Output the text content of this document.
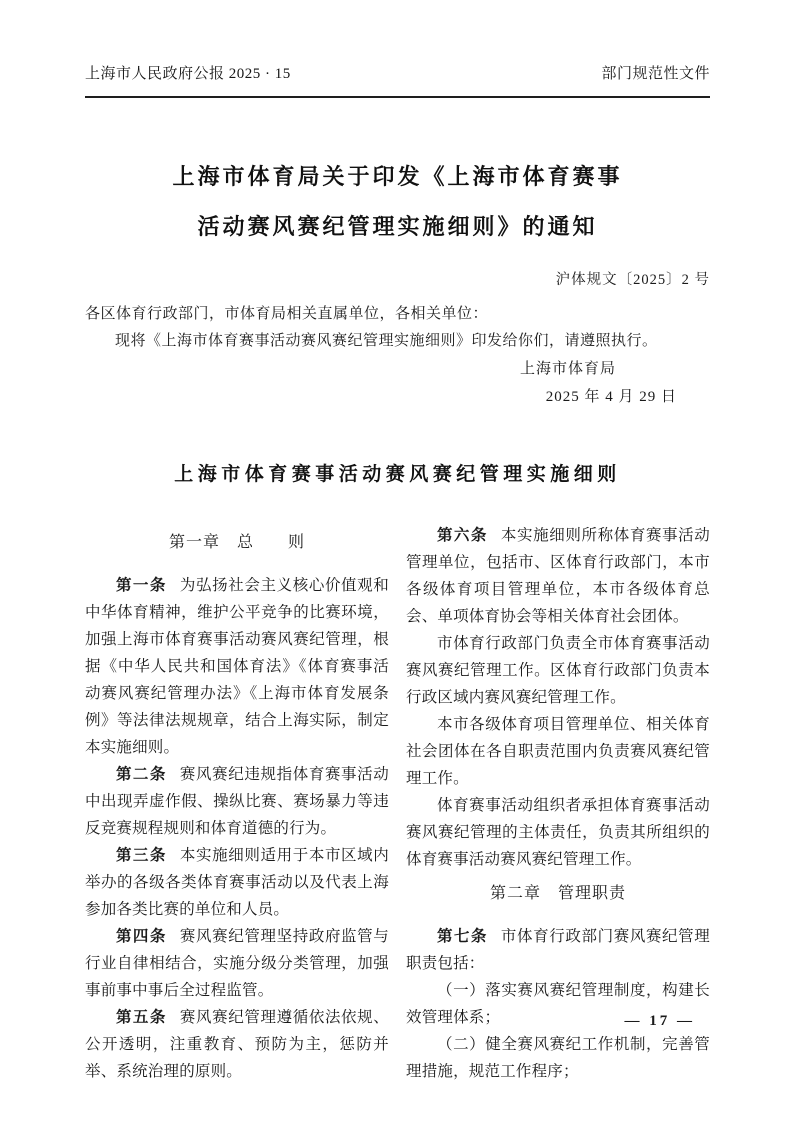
上海市人民政府公报 2025 · 15	部门规范性文件
上海市体育局关于印发《上海市体育赛事
活动赛风赛纪管理实施细则》的通知

沪体规文〔2025〕2 号

各区体育行政部门，市体育局相关直属单位，各相关单位：

现将《上海市体育赛事活动赛风赛纪管理实施细则》印发给你们，请遵照执行。

上海市体育局

2025 年 4 月 29 日

上海市体育赛事活动赛风赛纪管理实施细则

第一章　总　　则

第一条 为弘扬社会主义核心价值观和中华体育精神，维护公平竞争的比赛环境，加强上海市体育赛事活动赛风赛纪管理，根据《中华人民共和国体育法》《体育赛事活动赛风赛纪管理办法》《上海市体育发展条例》等法律法规规章，结合上海实际，制定本实施细则。

第二条 赛风赛纪违规指体育赛事活动中出现弄虚作假、操纵比赛、赛场暴力等违反竞赛规程规则和体育道德的行为。

第三条 本实施细则适用于本市区域内举办的各级各类体育赛事活动以及代表上海参加各类比赛的单位和人员。

第四条 赛风赛纪管理坚持政府监管与行业自律相结合，实施分级分类管理，加强事前事中事后全过程监管。

第五条 赛风赛纪管理遵循依法依规、公开透明，注重教育、预防为主，惩防并举、系统治理的原则。

第六条 本实施细则所称体育赛事活动管理单位，包括市、区体育行政部门，本市各级体育项目管理单位，本市各级体育总会、单项体育协会等相关体育社会团体。

市体育行政部门负责全市体育赛事活动赛风赛纪管理工作。区体育行政部门负责本行政区域内赛风赛纪管理工作。

本市各级体育项目管理单位、相关体育社会团体在各自职责范围内负责赛风赛纪管理工作。

体育赛事活动组织者承担体育赛事活动赛风赛纪管理的主体责任，负责其所组织的体育赛事活动赛风赛纪管理工作。

第二章　管理职责

第七条 市体育行政部门赛风赛纪管理职责包括：

（一）落实赛风赛纪管理制度，构建长效管理体系；

（二）健全赛风赛纪工作机制，完善管理措施，规范工作程序；

— 17 —
